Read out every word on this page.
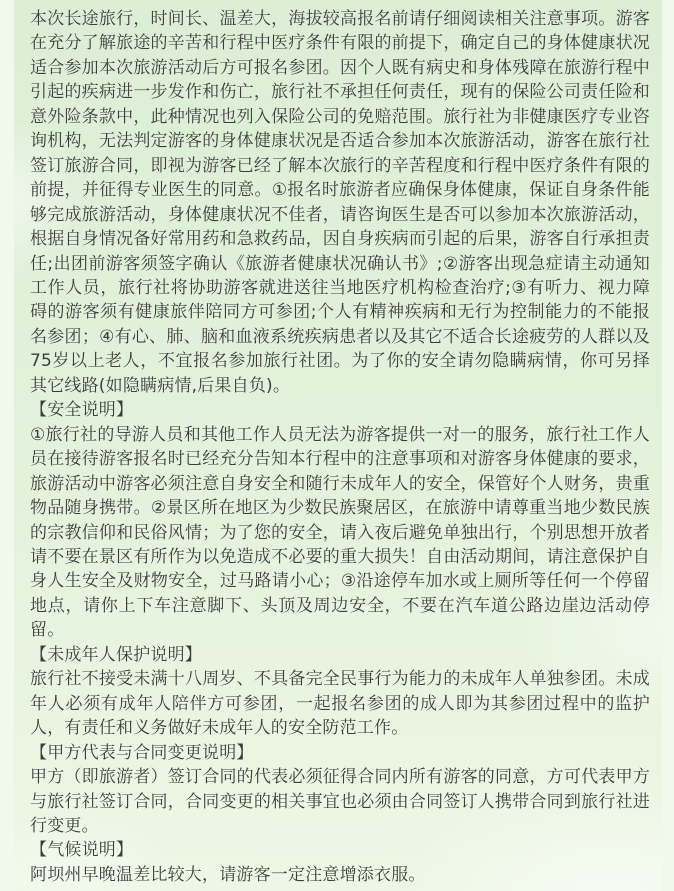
本次长途旅行，时间长、温差大，海拔较高报名前请仔细阅读相关注意事项。游客在充分了解旅途的辛苦和行程中医疗条件有限的前提下，确定自己的身体健康状况适合参加本次旅游活动后方可报名参团。因个人既有病史和身体残障在旅游行程中引起的疾病进一步发作和伤亡，旅行社不承担任何责任，现有的保险公司责任险和意外险条款中，此种情况也列入保险公司的免赔范围。旅行社为非健康医疗专业咨询机构，无法判定游客的身体健康状况是否适合参加本次旅游活动，游客在旅行社签订旅游合同，即视为游客已经了解本次旅行的辛苦程度和行程中医疗条件有限的前提，并征得专业医生的同意。①报名时旅游者应确保身体健康，保证自身条件能够完成旅游活动，身体健康状况不佳者，请咨询医生是否可以参加本次旅游活动，根据自身情况备好常用药和急救药品，因自身疾病而引起的后果，游客自行承担责任;出团前游客须签字确认《旅游者健康状况确认书》;②游客出现急症请主动通知工作人员，旅行社将协助游客就进送往当地医疗机构检查治疗;③有听力、视力障碍的游客须有健康旅伴陪同方可参团;个人有精神疾病和无行为控制能力的不能报名参团；④有心、肺、脑和血液系统疾病患者以及其它不适合长途疲劳的人群以及75岁以上老人，不宜报名参加旅行社团。为了你的安全请勿隐瞒病情，你可另择其它线路(如隐瞒病情,后果自负)。

【安全说明】

①旅行社的导游人员和其他工作人员无法为游客提供一对一的服务，旅行社工作人员在接待游客报名时已经充分告知本行程中的注意事项和对游客身体健康的要求，旅游活动中游客必须注意自身安全和随行未成年人的安全，保管好个人财务，贵重物品随身携带。②景区所在地区为少数民族聚居区，在旅游中请尊重当地少数民族的宗教信仰和民俗风情；为了您的安全，请入夜后避免单独出行，个别思想开放者请不要在景区有所作为以免造成不必要的重大损失！自由活动期间，请注意保护自身人生安全及财物安全，过马路请小心；③沿途停车加水或上厕所等任何一个停留地点，请你上下车注意脚下、头顶及周边安全，不要在汽车道公路边崖边活动停留。

【未成年人保护说明】

旅行社不接受未满十八周岁、不具备完全民事行为能力的未成年人单独参团。未成年人必须有成年人陪伴方可参团，一起报名参团的成人即为其参团过程中的监护人，有责任和义务做好未成年人的安全防范工作。

【甲方代表与合同变更说明】

甲方（即旅游者）签订合同的代表必须征得合同内所有游客的同意，方可代表甲方与旅行社签订合同，合同变更的相关事宜也必须由合同签订人携带合同到旅行社进行变更。

【气候说明】

阿坝州早晚温差比较大，请游客一定注意增添衣服。
